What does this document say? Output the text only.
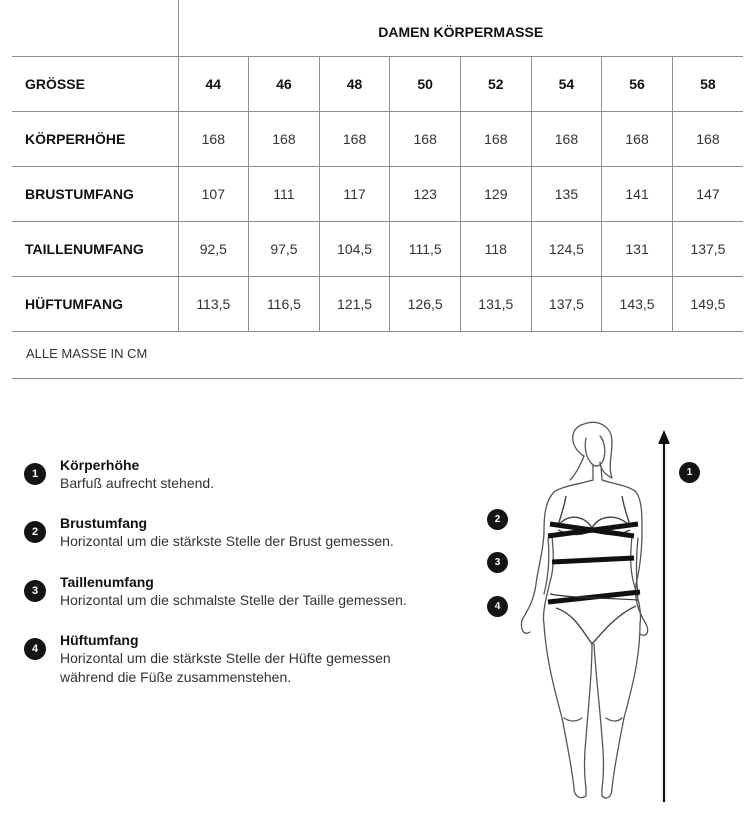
	DAMEN KÖRPERMASSE							
GRÖSSE	44	46	48	50	52	54	56	58
KÖRPERHÖHE	168	168	168	168	168	168	168	168
BRUSTUMFANG	107	111	117	123	129	135	141	147
TAILLENUMFANG	92,5	97,5	104,5	111,5	118	124,5	131	137,5
HÜFTUMFANG	113,5	116,5	121,5	126,5	131,5	137,5	143,5	149,5
ALLE MASSE IN CM
1
Körperhöhe
Barfuß aufrecht stehend.
2
Brustumfang
Horizontal um die stärkste Stelle der Brust gemessen.
3
Taillenumfang
Horizontal um die schmalste Stelle der Taille gemessen.
4
Hüftumfang
Horizontal um die stärkste Stelle der Hüfte gemessen
während die Füße zusammenstehen.
1
2
3
4
